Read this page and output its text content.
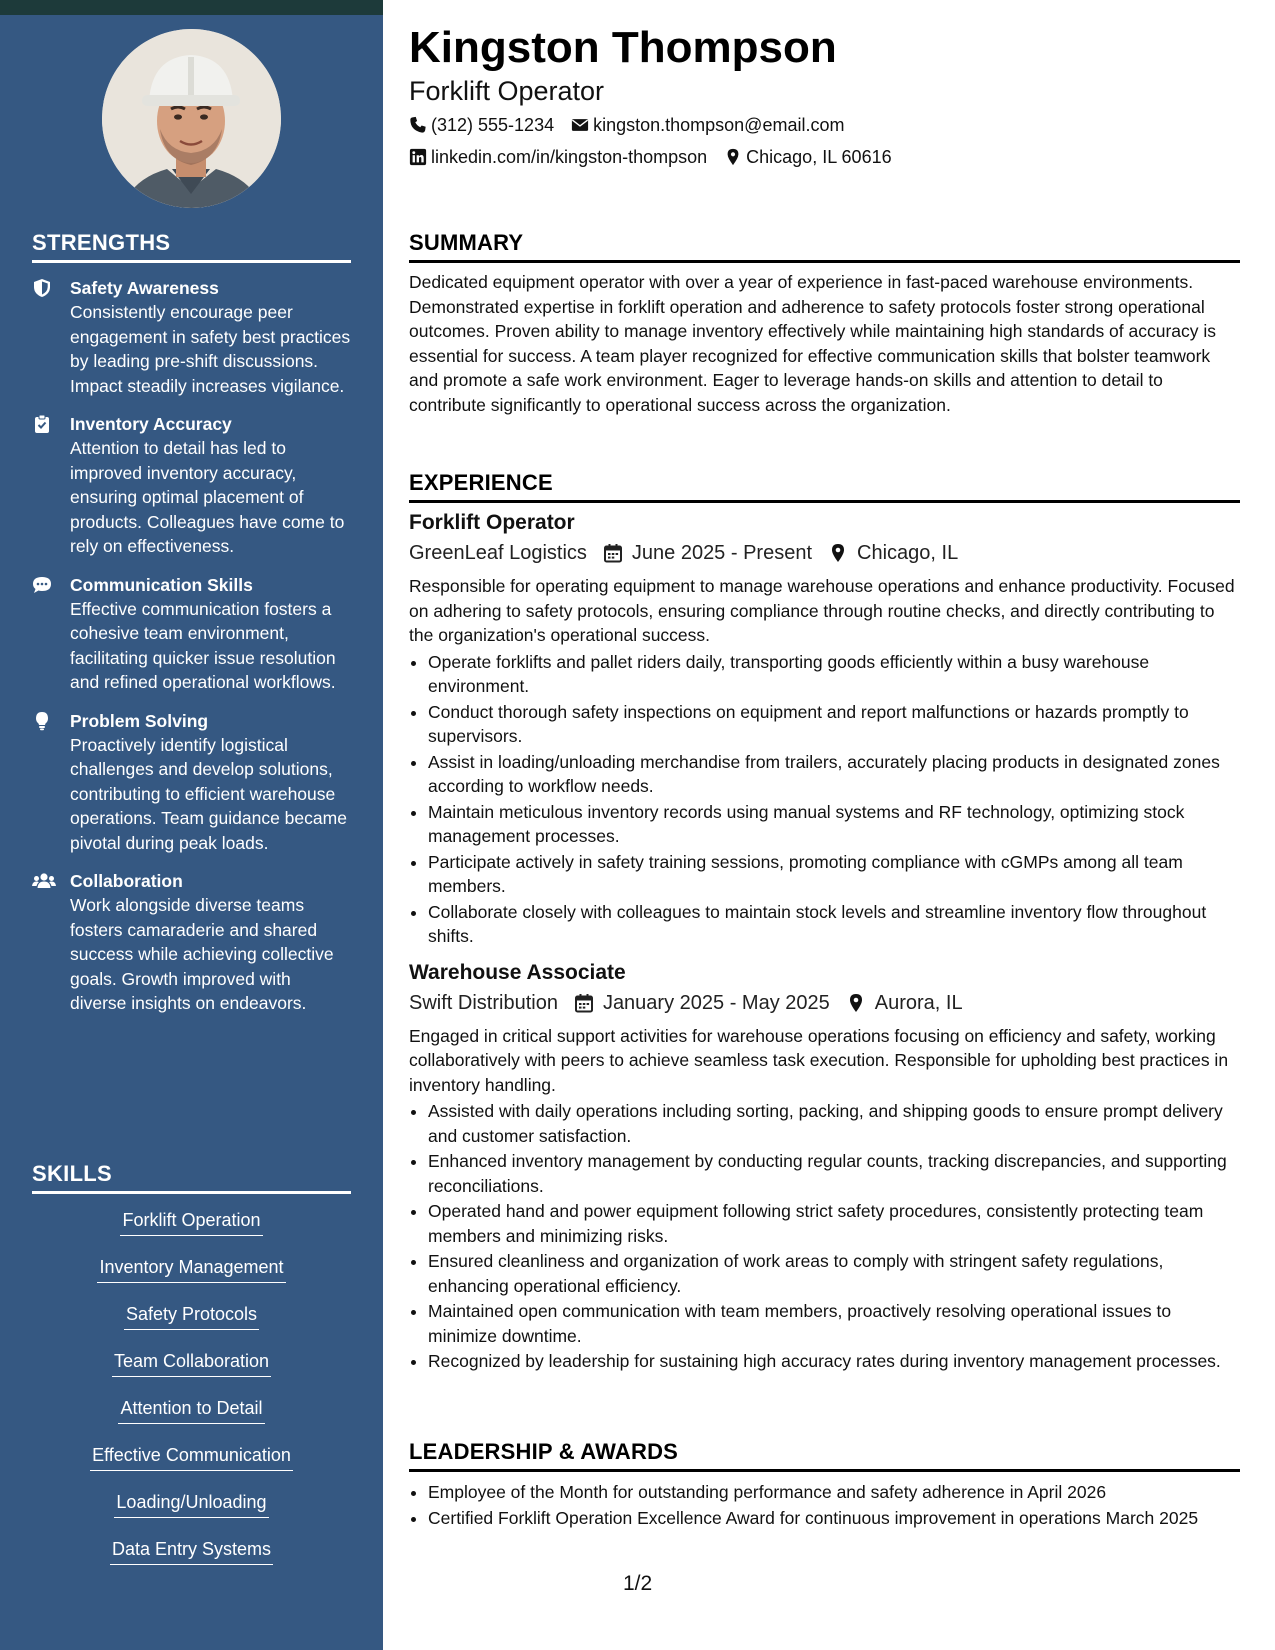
STRENGTHS
Safety Awareness
Consistently encourage peer engagement in safety best practices by leading pre-shift discussions. Impact steadily increases vigilance.
Inventory Accuracy
Attention to detail has led to improved inventory accuracy, ensuring optimal placement of products. Colleagues have come to rely on effectiveness.
Communication Skills
Effective communication fosters a cohesive team environment, facilitating quicker issue resolution and refined operational workflows.
Problem Solving
Proactively identify logistical challenges and develop solutions, contributing to efficient warehouse operations. Team guidance became pivotal during peak loads.
Collaboration
Work alongside diverse teams fosters camaraderie and shared success while achieving collective goals. Growth improved with diverse insights on endeavors.
SKILLS
Forklift Operation
Inventory Management
Safety Protocols
Team Collaboration
Attention to Detail
Effective Communication
Loading/Unloading
Data Entry Systems
Kingston Thompson
Forklift Operator
(312) 555-1234 kingston.thompson@email.com
linkedin.com/in/kingston-thompson Chicago, IL 60616
SUMMARY

Dedicated equipment operator with over a year of experience in fast-paced warehouse environments. Demonstrated expertise in forklift operation and adherence to safety protocols foster strong operational outcomes. Proven ability to manage inventory effectively while maintaining high standards of accuracy is essential for success. A team player recognized for effective communication skills that bolster teamwork and promote a safe work environment. Eager to leverage hands-on skills and attention to detail to contribute significantly to operational success across the organization.

EXPERIENCE
Forklift Operator
GreenLeaf Logistics June 2025 - Present Chicago, IL

Responsible for operating equipment to manage warehouse operations and enhance productivity. Focused on adhering to safety protocols, ensuring compliance through routine checks, and directly contributing to the organization's operational success.

• Operate forklifts and pallet riders daily, transporting goods efficiently within a busy warehouse environment.
• Conduct thorough safety inspections on equipment and report malfunctions or hazards promptly to supervisors.
• Assist in loading/unloading merchandise from trailers, accurately placing products in designated zones according to workflow needs.
• Maintain meticulous inventory records using manual systems and RF technology, optimizing stock management processes.
• Participate actively in safety training sessions, promoting compliance with cGMPs among all team members.
• Collaborate closely with colleagues to maintain stock levels and streamline inventory flow throughout shifts.
Warehouse Associate
Swift Distribution January 2025 - May 2025 Aurora, IL

Engaged in critical support activities for warehouse operations focusing on efficiency and safety, working collaboratively with peers to achieve seamless task execution. Responsible for upholding best practices in inventory handling.

• Assisted with daily operations including sorting, packing, and shipping goods to ensure prompt delivery and customer satisfaction.
• Enhanced inventory management by conducting regular counts, tracking discrepancies, and supporting reconciliations.
• Operated hand and power equipment following strict safety procedures, consistently protecting team members and minimizing risks.
• Ensured cleanliness and organization of work areas to comply with stringent safety regulations, enhancing operational efficiency.
• Maintained open communication with team members, proactively resolving operational issues to minimize downtime.
• Recognized by leadership for sustaining high accuracy rates during inventory management processes.
LEADERSHIP & AWARDS
• Employee of the Month for outstanding performance and safety adherence in April 2026
• Certified Forklift Operation Excellence Award for continuous improvement in operations March 2025
1/2
